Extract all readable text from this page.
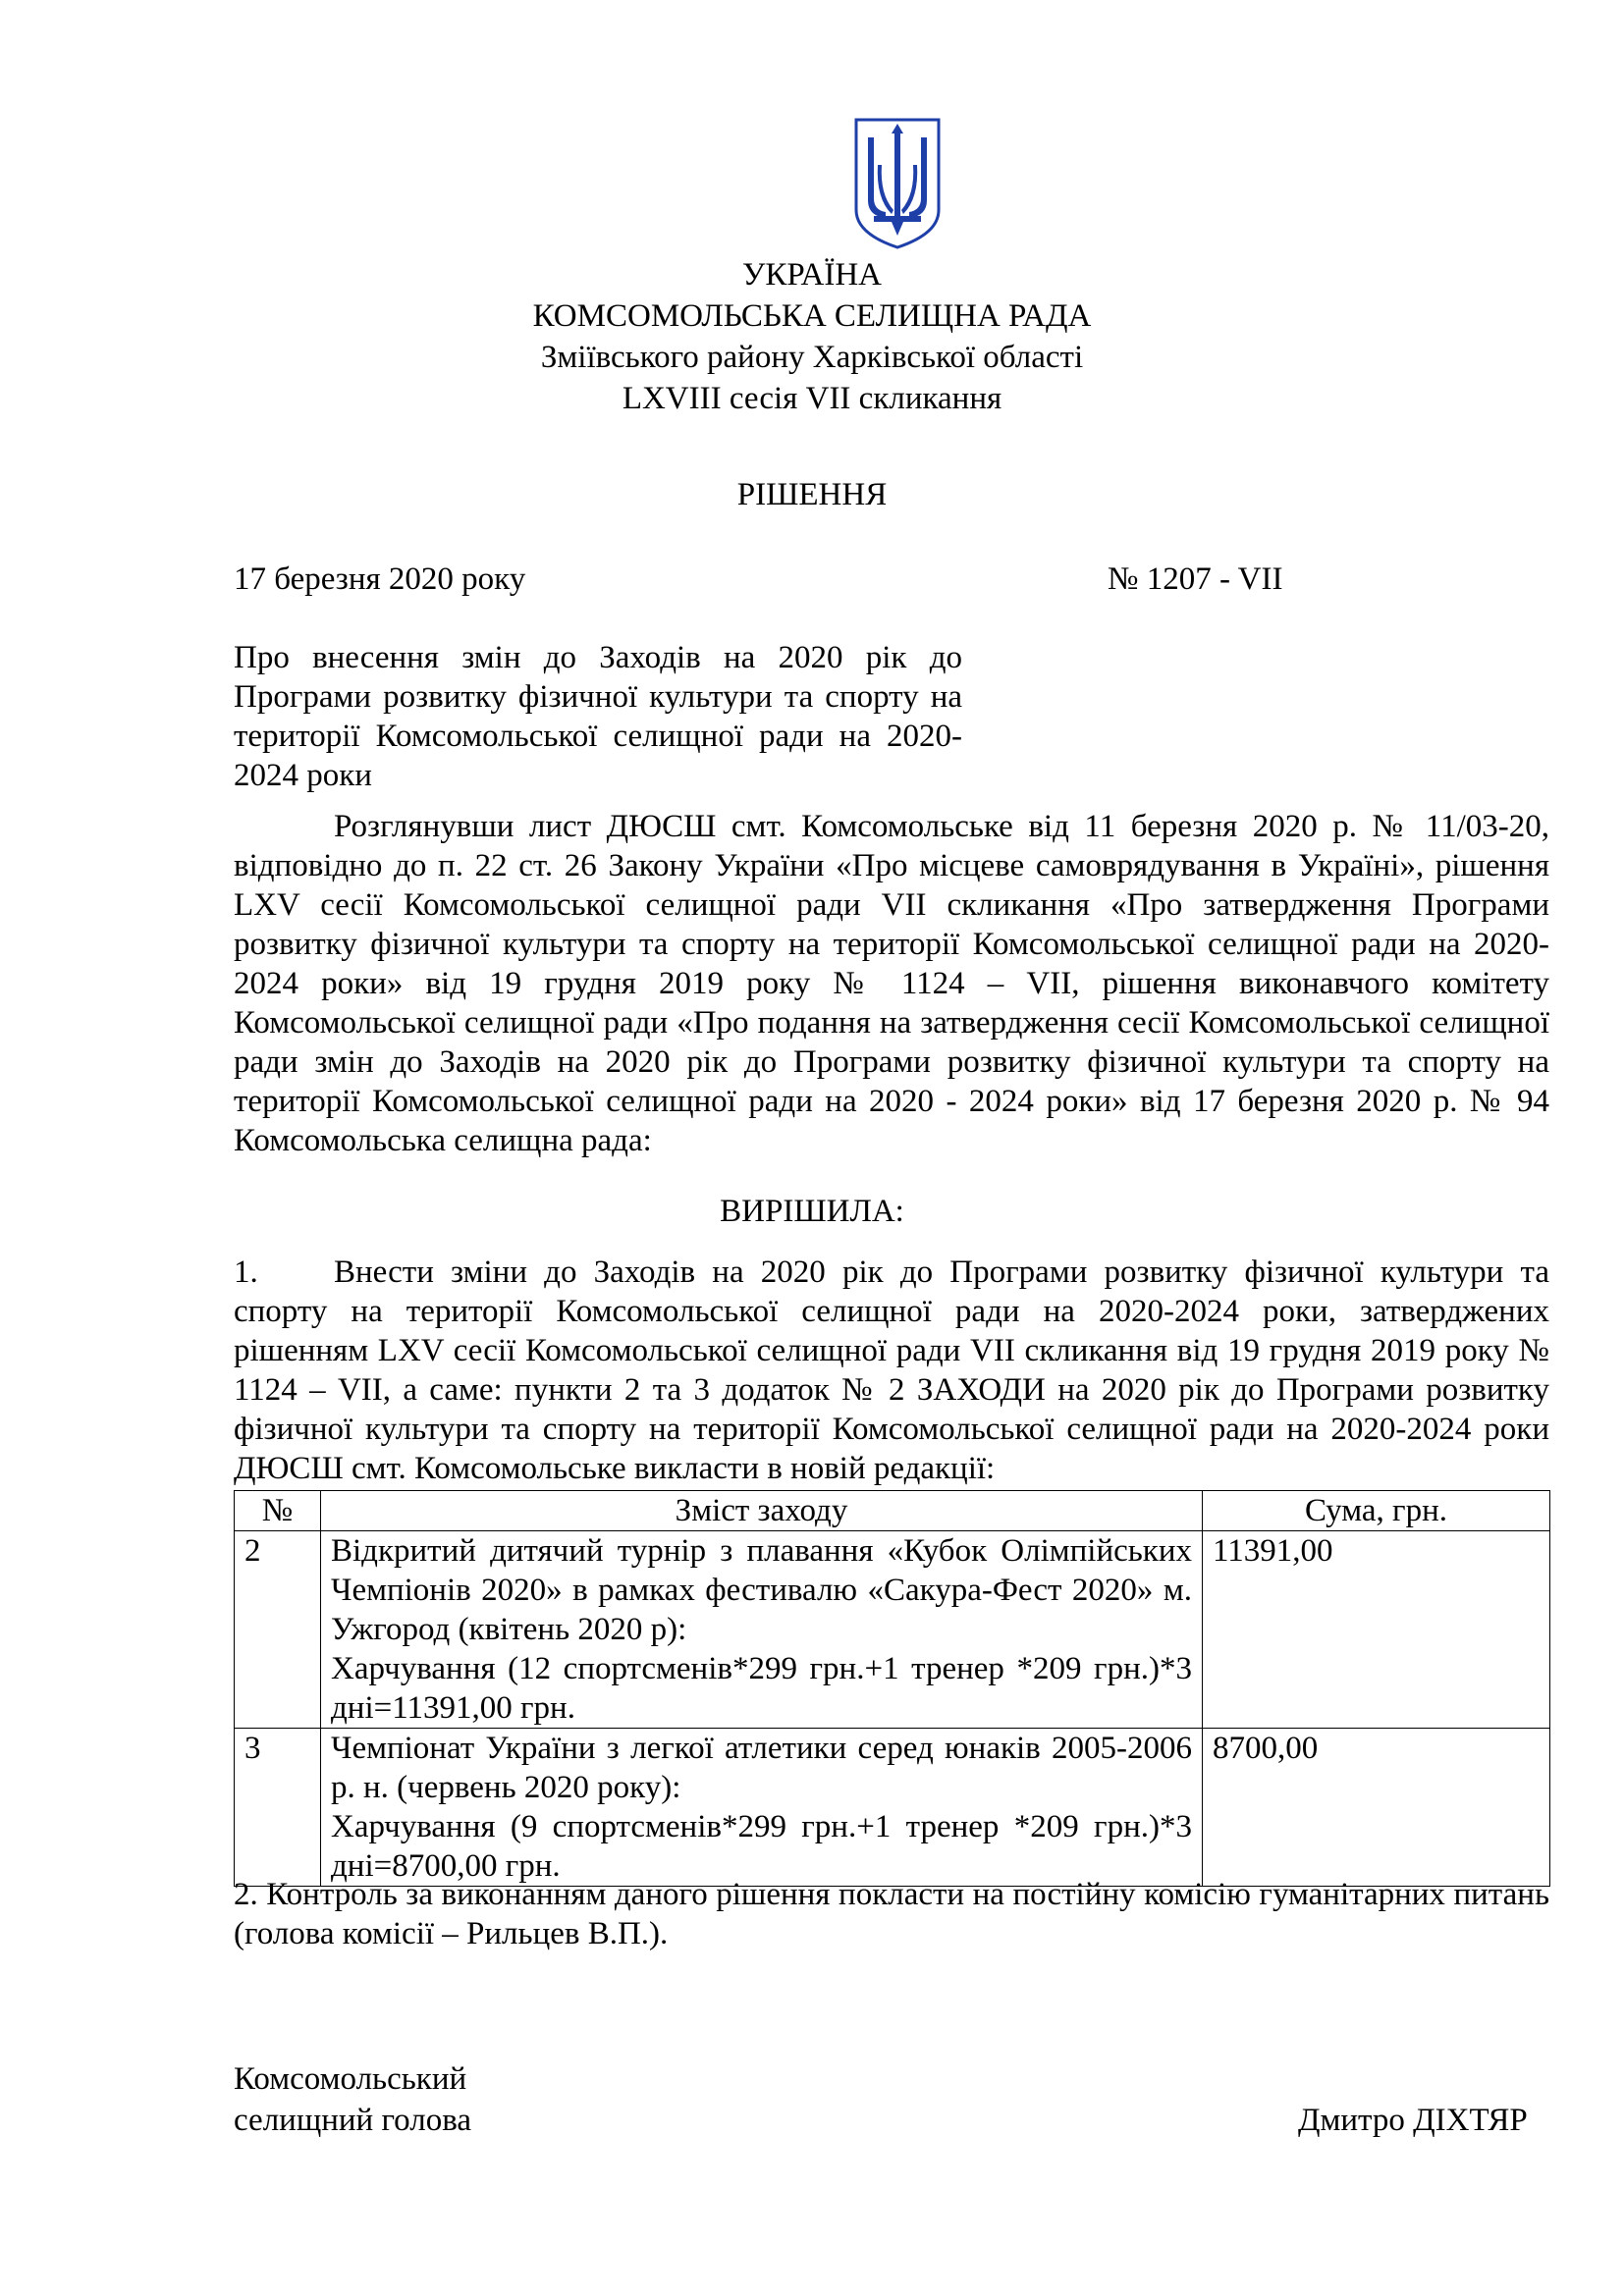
УКРАЇНА
КОМСОМОЛЬСЬКА СЕЛИЩНА РАДА
Зміївського району Харківської області
LXVIII сесія VII скликання
РІШЕННЯ
17 березня 2020 року	№ 1207 - VII
Про внесення змін до Заходів на 2020 рік до Програми розвитку фізичної культури та спорту на території Комсомольської селищної ради на 2020-2024 роки
Розглянувши лист ДЮСШ смт. Комсомольське від 11 березня 2020 р. № 11/03-20, відповідно до п. 22 ст. 26 Закону України «Про місцеве самоврядування в Україні», рішення LXV сесії Комсомольської селищної ради VII скликання «Про затвердження Програми розвитку фізичної культури та спорту на території Комсомольської селищної ради на 2020-2024 роки» від 19 грудня 2019 року № 1124 – VII, рішення виконавчого комітету Комсомольської селищної ради «Про подання на затвердження сесії Комсомольської селищної ради змін до Заходів на 2020 рік до Програми розвитку фізичної культури та спорту на території Комсомольської селищної ради на 2020 - 2024 роки» від 17 березня 2020 р. № 94 Комсомольська селищна рада:
ВИРІШИЛА:
1. Внести зміни до Заходів на 2020 рік до Програми розвитку фізичної культури та
спорту на території Комсомольської селищної ради на 2020-2024 роки, затверджених рішенням LXV сесії Комсомольської селищної ради VII скликання від 19 грудня 2019 року № 1124 – VII, а саме: пункти 2 та 3 додаток № 2 ЗАХОДИ на 2020 рік до Програми розвитку фізичної культури та спорту на території Комсомольської селищної ради на 2020-2024 роки ДЮСШ смт. Комсомольське викласти в новій редакції:
№	Зміст заходу	Сума, грн.
2	Відкритий дитячий турнір з плавання «Кубок Олімпійських Чемпіонів 2020» в рамках фестивалю «Сакура-Фест 2020» м. Ужгород (квітень 2020 р):
Харчування (12 спортсменів*299 грн.+1 тренер *209 грн.)*3 дні=11391,00 грн.	11391,00
3	Чемпіонат України з легкої атлетики серед юнаків 2005-2006 р. н. (червень 2020 року):
Харчування (9 спортсменів*299 грн.+1 тренер *209 грн.)*3 дні=8700,00 грн.	8700,00
2. Контроль за виконанням даного рішення покласти на постійну комісію гуманітарних питань (голова комісії – Рильцев В.П.).
Комсомольський
селищний голова	Дмитро ДІХТЯР
